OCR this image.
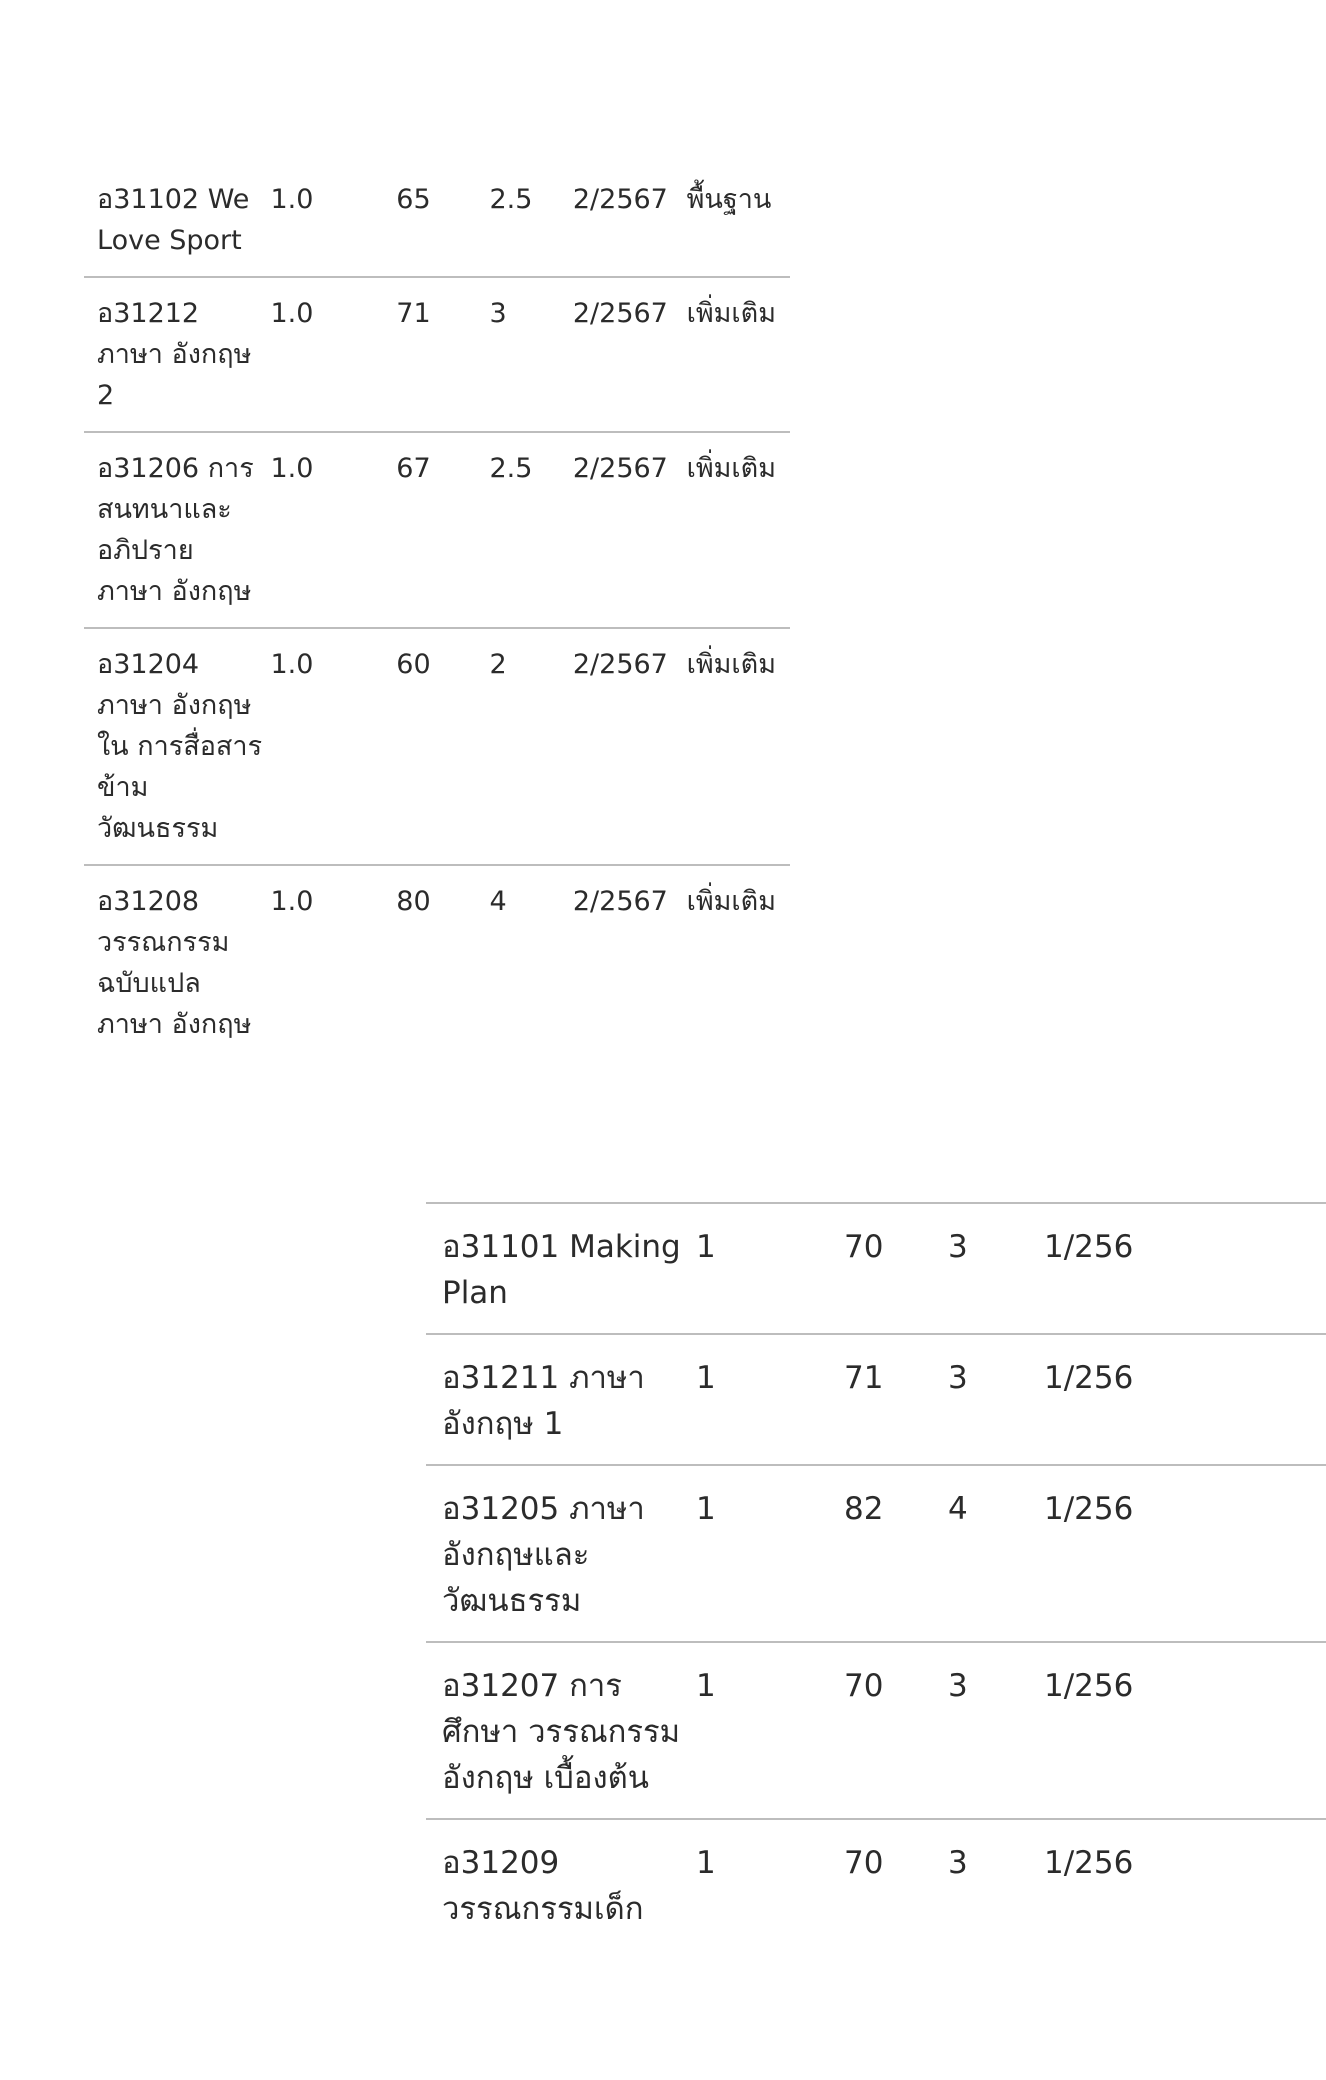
อ31102 We Love Sport	1.0	65	2.5	2/2567	พื้นฐาน
อ31212 ภาษา อังกฤษ 2	1.0	71	3	2/2567	เพิ่มเติม
อ31206 การสนทนาและอภิปราย ภาษา อังกฤษ	1.0	67	2.5	2/2567	เพิ่มเติม
อ31204 ภาษา อังกฤษใน การสื่อสาร ข้าม วัฒนธรรม	1.0	60	2	2/2567	เพิ่มเติม
อ31208 วรรณกรรม ฉบับแปล ภาษา อังกฤษ	1.0	80	4	2/2567	เพิ่มเติม
อ31101 Making Plan	1	70	3	1/256
อ31211 ภาษา อังกฤษ 1	1	71	3	1/256
อ31205 ภาษา อังกฤษและ วัฒนธรรม	1	82	4	1/256
อ31207 การศึกษา วรรณกรรมอังกฤษ เบื้องต้น	1	70	3	1/256
อ31209 วรรณกรรมเด็ก	1	70	3	1/256
